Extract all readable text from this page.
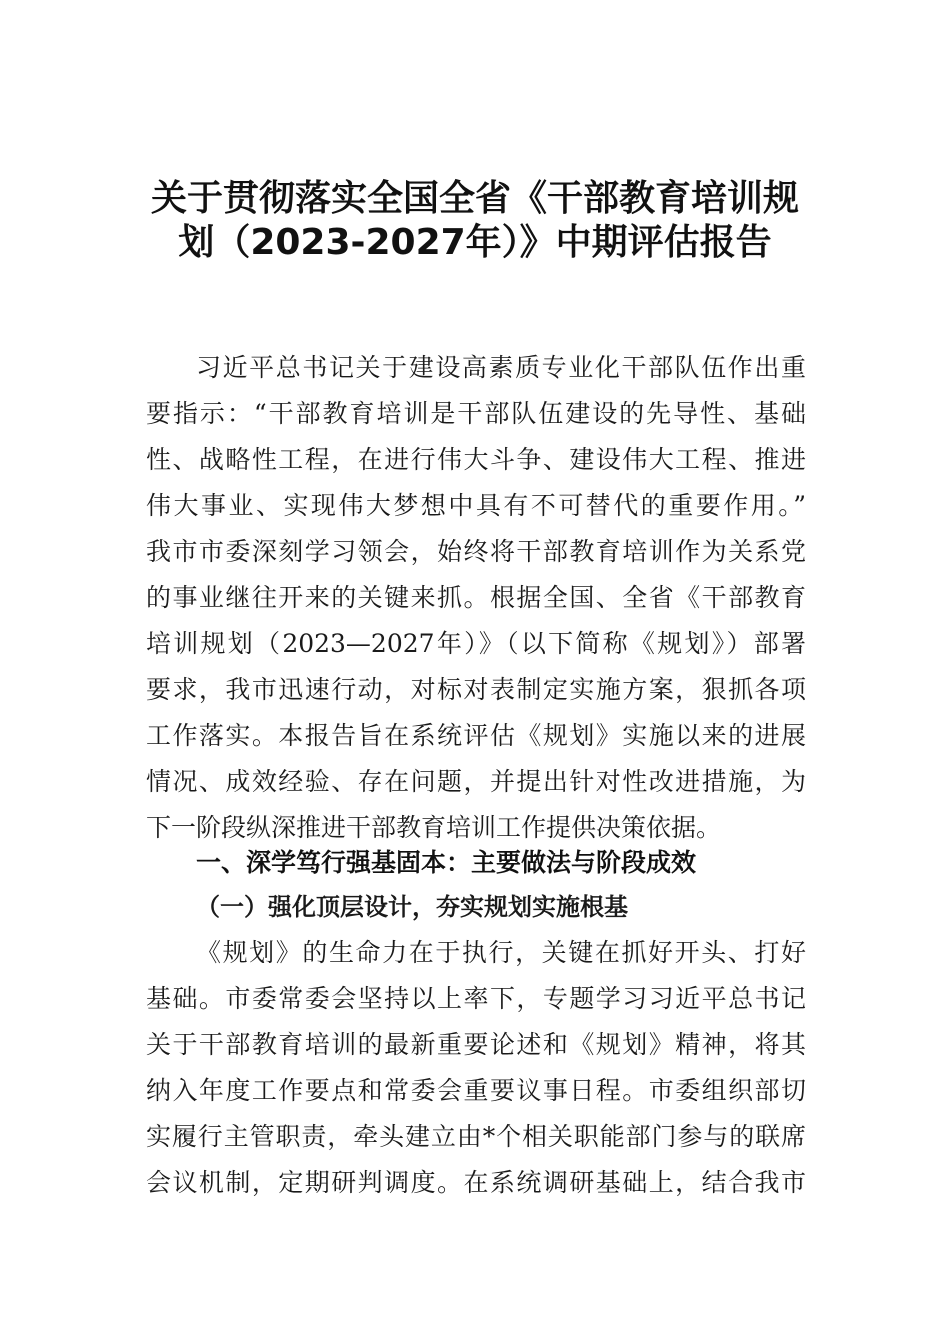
关于贯彻落实全国全省《干部教育培训规
划（2023-2027年）》中期评估报告

习近平总书记关于建设高素质专业化干部队伍作出重

要指示：“干部教育培训是干部队伍建设的先导性、基础

性、战略性工程，在进行伟大斗争、建设伟大工程、推进

伟大事业、实现伟大梦想中具有不可替代的重要作用。”

我市市委深刻学习领会，始终将干部教育培训作为关系党

的事业继往开来的关键来抓。根据全国、全省《干部教育

培训规划（2023—2027年）》（以下简称《规划》）部署

要求，我市迅速行动，对标对表制定实施方案，狠抓各项

工作落实。本报告旨在系统评估《规划》实施以来的进展

情况、成效经验、存在问题，并提出针对性改进措施，为

下一阶段纵深推进干部教育培训工作提供决策依据。

一、深学笃行强基固本：主要做法与阶段成效
（一）强化顶层设计，夯实规划实施根基

《规划》的生命力在于执行，关键在抓好开头、打好

基础。市委常委会坚持以上率下，专题学习习近平总书记

关于干部教育培训的最新重要论述和《规划》精神，将其

纳入年度工作要点和常委会重要议事日程。市委组织部切

实履行主管职责，牵头建立由*个相关职能部门参与的联席

会议机制，定期研判调度。在系统调研基础上，结合我市
